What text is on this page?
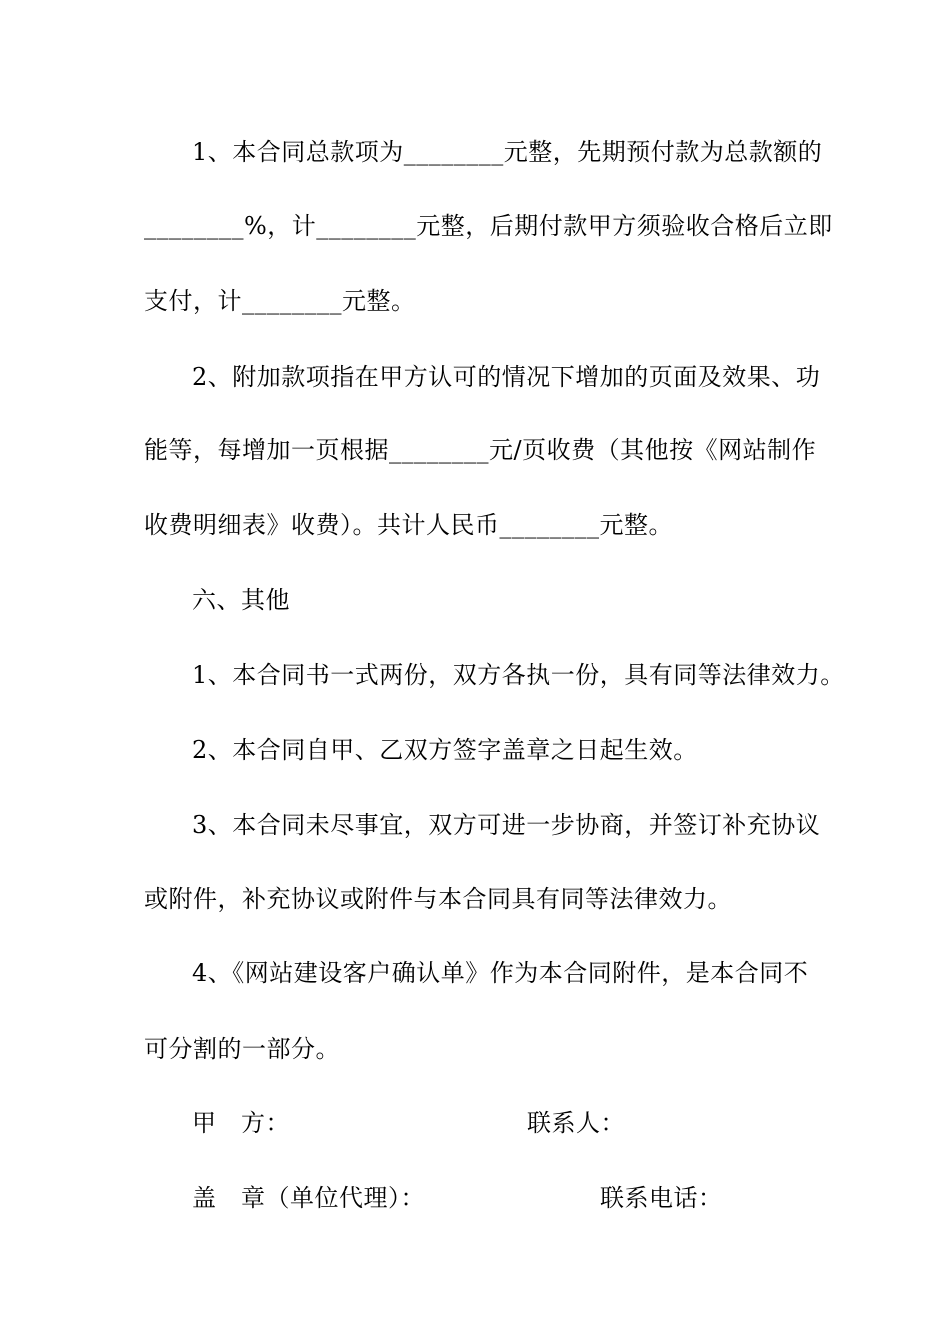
1、本合同总款项为________元整，先期预付款为总款额的
________%，计________元整，后期付款甲方须验收合格后立即
支付，计________元整。
2、附加款项指在甲方认可的情况下增加的页面及效果、功
能等，每增加一页根据________元/页收费（其他按《网站制作
收费明细表》收费）。共计人民币________元整。
六、其他
1、本合同书一式两份，双方各执一份，具有同等法律效力。
2、本合同自甲、乙双方签字盖章之日起生效。
3、本合同未尽事宜，双方可进一步协商，并签订补充协议
或附件，补充协议或附件与本合同具有同等法律效力。
4、《网站建设客户确认单》作为本合同附件，是本合同不
可分割的一部分。
甲　方：	联系人：
盖　章（单位代理）：	联系电话：
